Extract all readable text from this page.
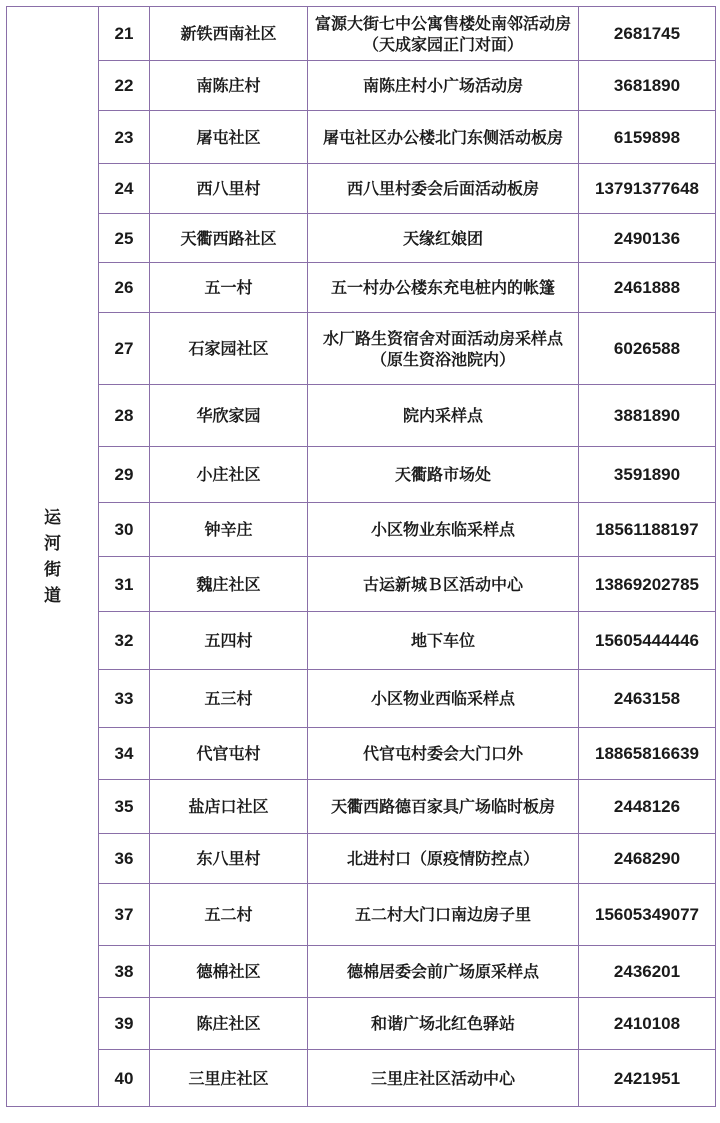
运河街道	21	新铁西南社区	富源大街七中公寓售楼处南邻活动房（天成家园正门对面）	2681745
	22	南陈庄村	南陈庄村小广场活动房	3681890
	23	屠屯社区	屠屯社区办公楼北门东侧活动板房	6159898
	24	西八里村	西八里村委会后面活动板房	13791377648
	25	天衢西路社区	天缘红娘团	2490136
	26	五一村	五一村办公楼东充电桩内的帐篷	2461888
	27	石家园社区	水厂路生资宿舍对面活动房采样点（原生资浴池院内）	6026588
	28	华欣家园	院内采样点	3881890
	29	小庄社区	天衢路市场处	3591890
	30	钟辛庄	小区物业东临采样点	18561188197
	31	魏庄社区	古运新城Ｂ区活动中心	13869202785
	32	五四村	地下车位	15605444446
	33	五三村	小区物业西临采样点	2463158
	34	代官屯村	代官屯村委会大门口外	18865816639
	35	盐店口社区	天衢西路德百家具广场临时板房	2448126
	36	东八里村	北进村口（原疫情防控点）	2468290
	37	五二村	五二村大门口南边房子里	15605349077
	38	德棉社区	德棉居委会前广场原采样点	2436201
	39	陈庄社区	和谐广场北红色驿站	2410108
	40	三里庄社区	三里庄社区活动中心	2421951
